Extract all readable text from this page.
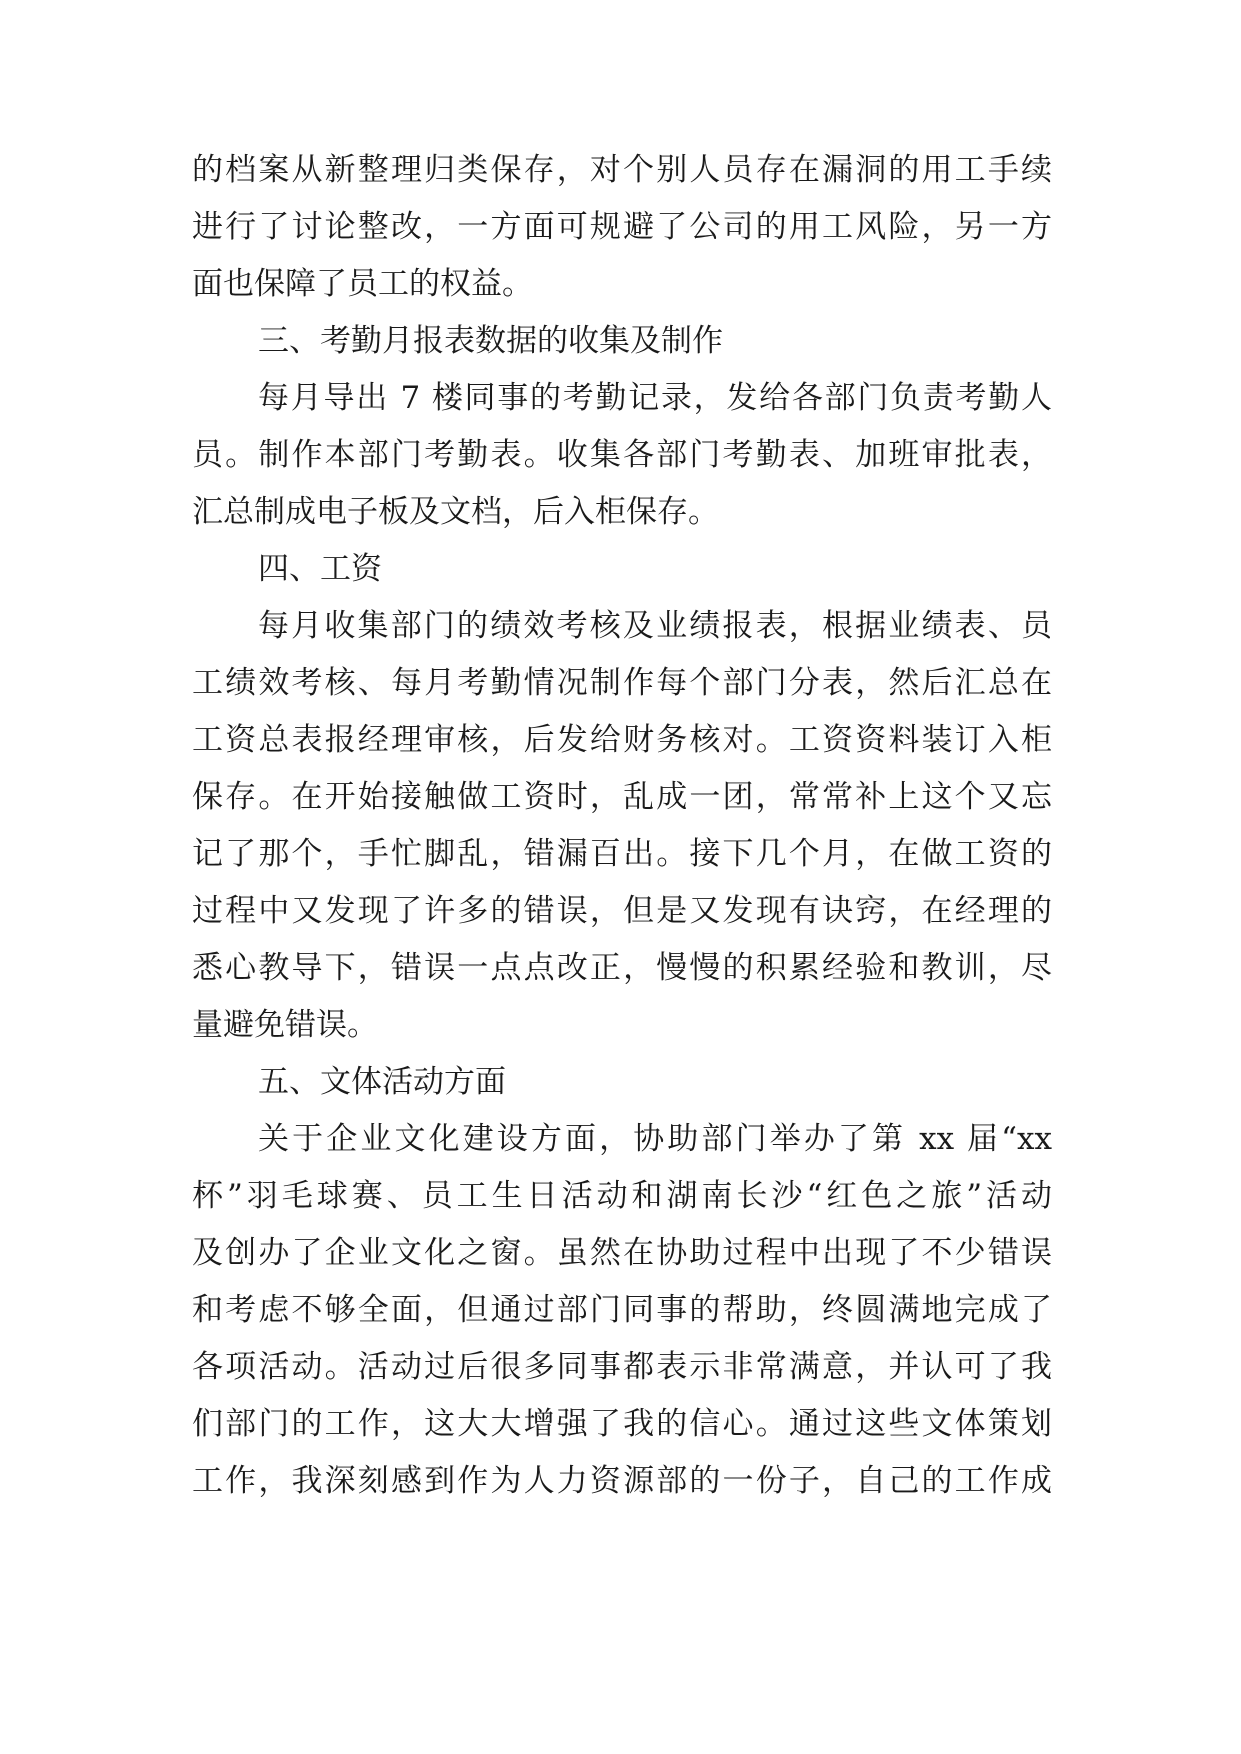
的档案从新整理归类保存，对个别人员存在漏洞的用工手续
进行了讨论整改，一方面可规避了公司的用工风险，另一方
面也保障了员工的权益。
三、考勤月报表数据的收集及制作
每月导出 7 楼同事的考勤记录，发给各部门负责考勤人
员。制作本部门考勤表。收集各部门考勤表、加班审批表，
汇总制成电子板及文档，后入柜保存。
四、工资
每月收集部门的绩效考核及业绩报表，根据业绩表、员
工绩效考核、每月考勤情况制作每个部门分表，然后汇总在
工资总表报经理审核，后发给财务核对。工资资料装订入柜
保存。在开始接触做工资时，乱成一团，常常补上这个又忘
记了那个，手忙脚乱，错漏百出。接下几个月，在做工资的
过程中又发现了许多的错误，但是又发现有诀窍，在经理的
悉心教导下，错误一点点改正，慢慢的积累经验和教训，尽
量避免错误。
五、文体活动方面
关于企业文化建设方面，协助部门举办了第 xx 届“xx
杯”羽毛球赛、员工生日活动和湖南长沙“红色之旅”活动
及创办了企业文化之窗。虽然在协助过程中出现了不少错误
和考虑不够全面，但通过部门同事的帮助，终圆满地完成了
各项活动。活动过后很多同事都表示非常满意，并认可了我
们部门的工作，这大大增强了我的信心。通过这些文体策划
工作，我深刻感到作为人力资源部的一份子，自己的工作成
